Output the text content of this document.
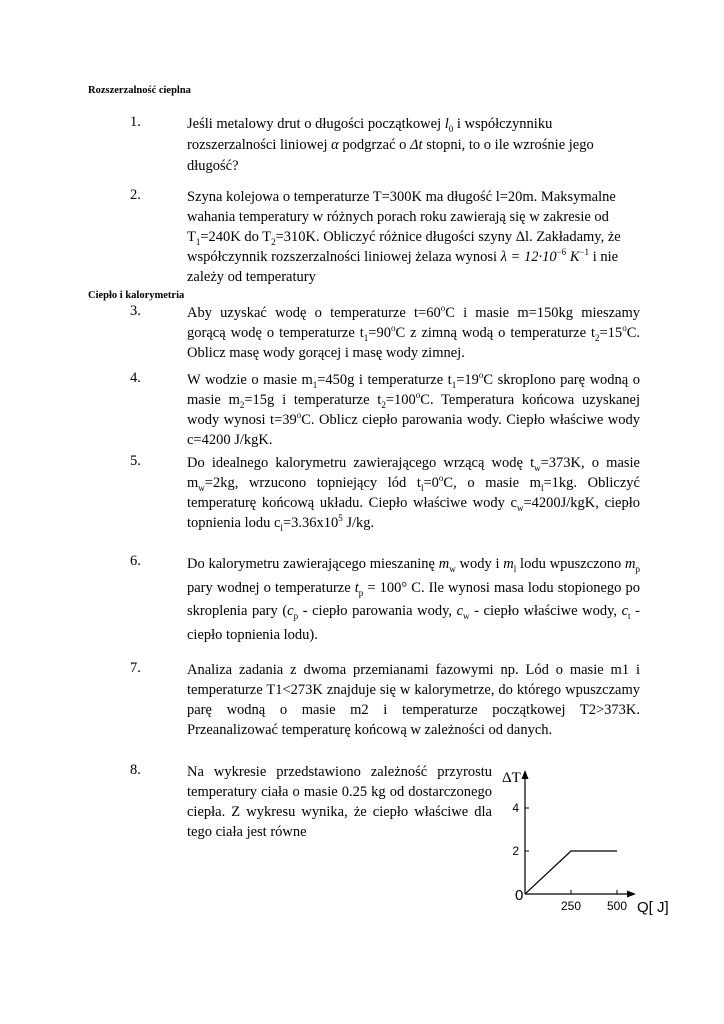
Rozszerzalność cieplna
1.	Jeśli metalowy drut o długości początkowej $l_0$ i współczynniku rozszerzalności liniowej α podgrzać o Δt stopni, to o ile wzrośnie jego długość?
2.	Szyna kolejowa o temperaturze T=300K ma długość l=20m. Maksymalne wahania temperatury w różnych porach roku zawierają się w zakresie od $T_1=240K$ do $T_2=310K$. Obliczyć różnice długości szyny Δl. Zakładamy, że współczynnik rozszerzalności liniowej żelaza wynosi $\lambda = 12\cdot 10^{-6}$ $K^{-1}$ i nie zależy od temperatury
Ciepło i kalorymetria
3.	Aby uzyskać wodę o temperaturze $t=60^oC$ i masie m=150kg mieszamy gorącą wodę o temperaturze $t_1=90^oC$ z zimną wodą o temperaturze $t_2=15^oC$. Oblicz masę wody gorącej i masę wody zimnej.
4.	W wodzie o masie $m_1=450g$ i temperaturze $t_1=19^oC$ skroplono parę wodną o masie $m_2=15g$ i temperaturze $t_2=100^oC$. Temperatura końcowa uzyskanej wody wynosi $t=39^oC$. Oblicz ciepło parowania wody. Ciepło właściwe wody c=4200 J/kgK.
5.	Do idealnego kalorymetru zawierającego wrzącą wodę $t_w=373K$, o masie $m_w=2kg$, wrzucono topniejący lód $t_l=0^oC$, o masie $m_l=1kg$. Obliczyć temperaturę końcową układu. Ciepło właściwe wody $c_w=4200J$/kgK, ciepło topnienia lodu $c_l=3.36x10^5$ J/kg.
6.	Do kalorymetru zawierającego mieszaninę $m_w$ wody i $m_l$ lodu wpuszczono $m_p$ pary wodnej o temperaturze $t_p = 100^\circ$ C. Ile wynosi masa lodu stopionego po skroplenia pary ($c_p$ - ciepło parowania wody, $c_w$ - ciepło właściwe wody, $c_t$ - ciepło topnienia lodu).
7.	Analiza zadania z dwoma przemianami fazowymi np. Lód o masie m1 i temperaturze T1<273K znajduje się w kalorymetrze, do którego wpuszczamy parę wodną o masie m2 i temperaturze początkowej T2>373K. Przeanalizować temperaturę końcową w zależności od danych.
8.	Na wykresie przedstawiono zależność przyrostu temperatury ciała o masie 0.25 kg od dostarczonego ciepła. Z wykresu wynika, że ciepło właściwe dla tego ciała jest równe
ΔT
Q[ J]
0
250 500
2
4
